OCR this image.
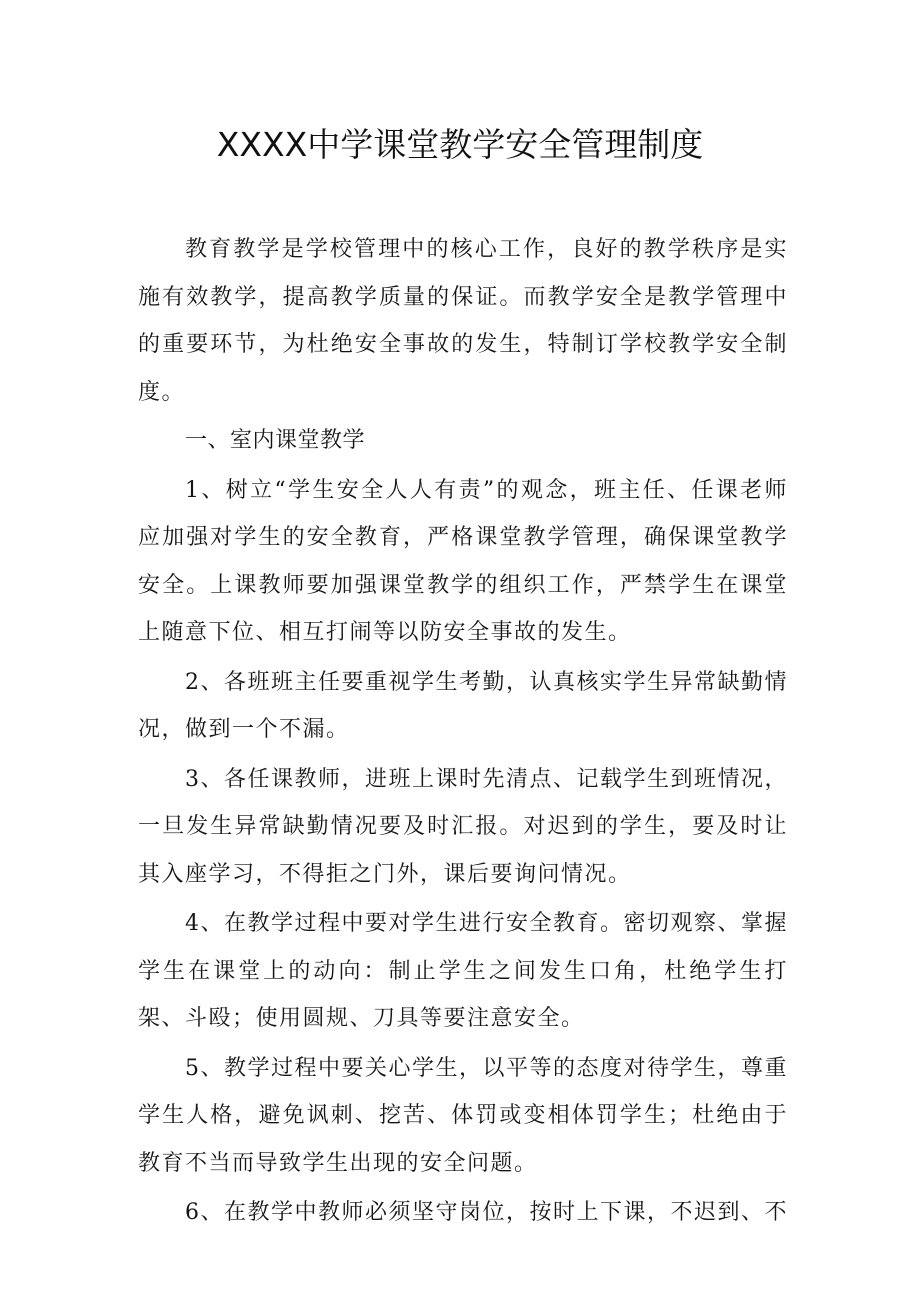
XXXX中学课堂教学安全管理制度

教育教学是学校管理中的核心工作，良好的教学秩序是实施有效教学，提高教学质量的保证。而教学安全是教学管理中的重要环节，为杜绝安全事故的发生，特制订学校教学安全制度。

一、室内课堂教学

1、树立“学生安全人人有责”的观念，班主任、任课老师应加强对学生的安全教育，严格课堂教学管理，确保课堂教学安全。上课教师要加强课堂教学的组织工作，严禁学生在课堂上随意下位、相互打闹等以防安全事故的发生。

2、各班班主任要重视学生考勤，认真核实学生异常缺勤情况，做到一个不漏。

3、各任课教师，进班上课时先清点、记载学生到班情况，一旦发生异常缺勤情况要及时汇报。对迟到的学生，要及时让其入座学习，不得拒之门外，课后要询问情况。

4、在教学过程中要对学生进行安全教育。密切观察、掌握学生在课堂上的动向：制止学生之间发生口角，杜绝学生打架、斗殴；使用圆规、刀具等要注意安全。

5、教学过程中要关心学生，以平等的态度对待学生，尊重学生人格，避免讽刺、挖苦、体罚或变相体罚学生；杜绝由于教育不当而导致学生出现的安全问题。

6、在教学中教师必须坚守岗位，按时上下课，不迟到、不
